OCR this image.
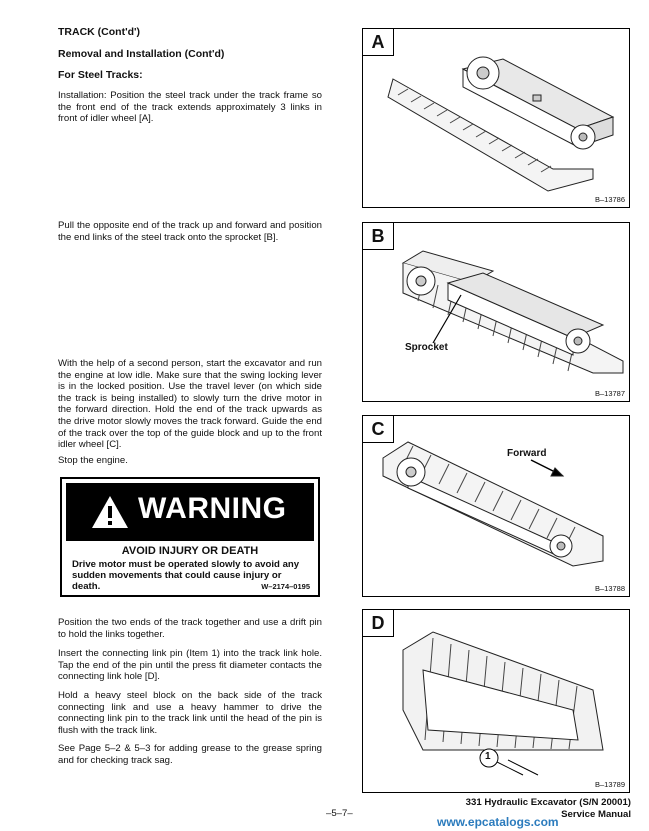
TRACK (Cont'd')
Removal and Installation (Cont'd)
For Steel Tracks:

Installation: Position the steel track under the track frame so the front end of the track extends approximately 3 links in front of idler wheel [A].

Pull the opposite end of the track up and forward and position the end links of the steel track onto the sprocket [B].

With the help of a second person, start the excavator and run the engine at low idle. Make sure that the swing locking lever is in the locked position. Use the travel lever (on which side the track is being installed) to slowly turn the drive motor in the forward direction. Hold the end of the track upwards as the drive motor slowly moves the track forward. Guide the end of the track over the top of the guide block and up to the front idler wheel [C].

Stop the engine.

WARNING
AVOID INJURY OR DEATH
Drive motor must be operated slowly to avoid any sudden movements that could cause injury or death.	W–2174–0195

Position the two ends of the track together and use a drift pin to hold the links together.

Insert the connecting link pin (Item 1) into the track link hole. Tap the end of the pin until the press fit diameter contacts the connecting link hole [D].

Hold a heavy steel block on the back side of the track connecting link and use a heavy hammer to drive the connecting link pin to the track link until the head of the pin is flush with the track link.

See Page 5–2 & 5–3 for adding grease to the grease spring and for checking track sag.

A
B–13786
B
Sprocket
B–13787
C
Forward
B–13788
D
1
B–13789
–5–7–
331 Hydraulic Excavator (S/N 20001)
Service Manual
www.epcatalogs.com
